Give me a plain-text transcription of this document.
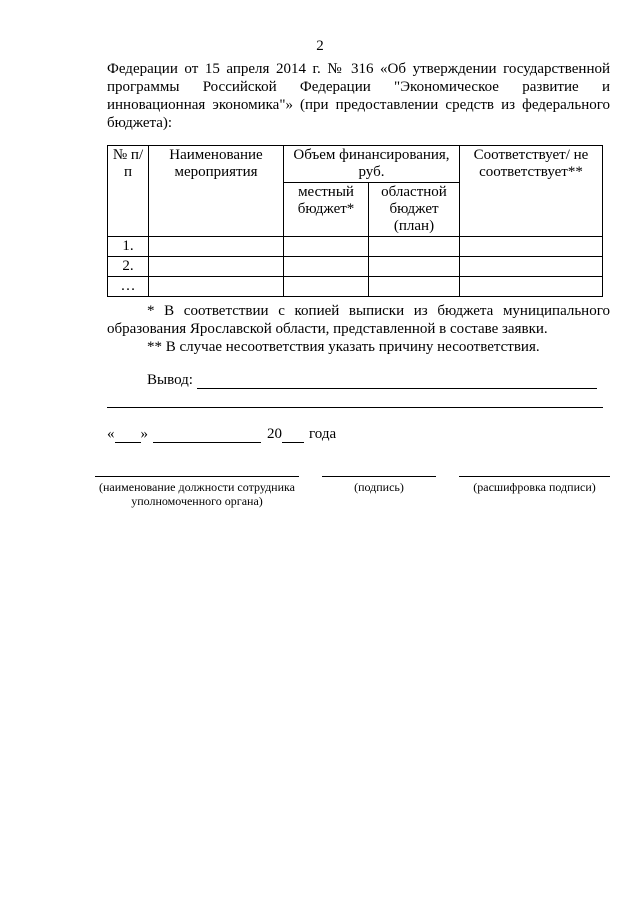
2

Федерации от 15 апреля 2014 г. № 316 «Об утверждении государственной программы Российской Федерации "Экономическое развитие и инновационная экономика"» (при предоставлении средств из федерального бюджета):

№ п/п	Наименование мероприятия	Объем финансирования, руб.		Соответствует/ не соответствует**
		местный бюджет*	областной бюджет (план)	
1.				
2.				
…				

* В соответствии с копией выписки из бюджета муниципального образования Ярославской области, представленной в составе заявки.

** В случае несоответствия указать причину несоответствия.

Вывод:
« »	20 года
(наименование должности сотрудника уполномоченного органа)
(подпись)	(расшифровка подписи)
